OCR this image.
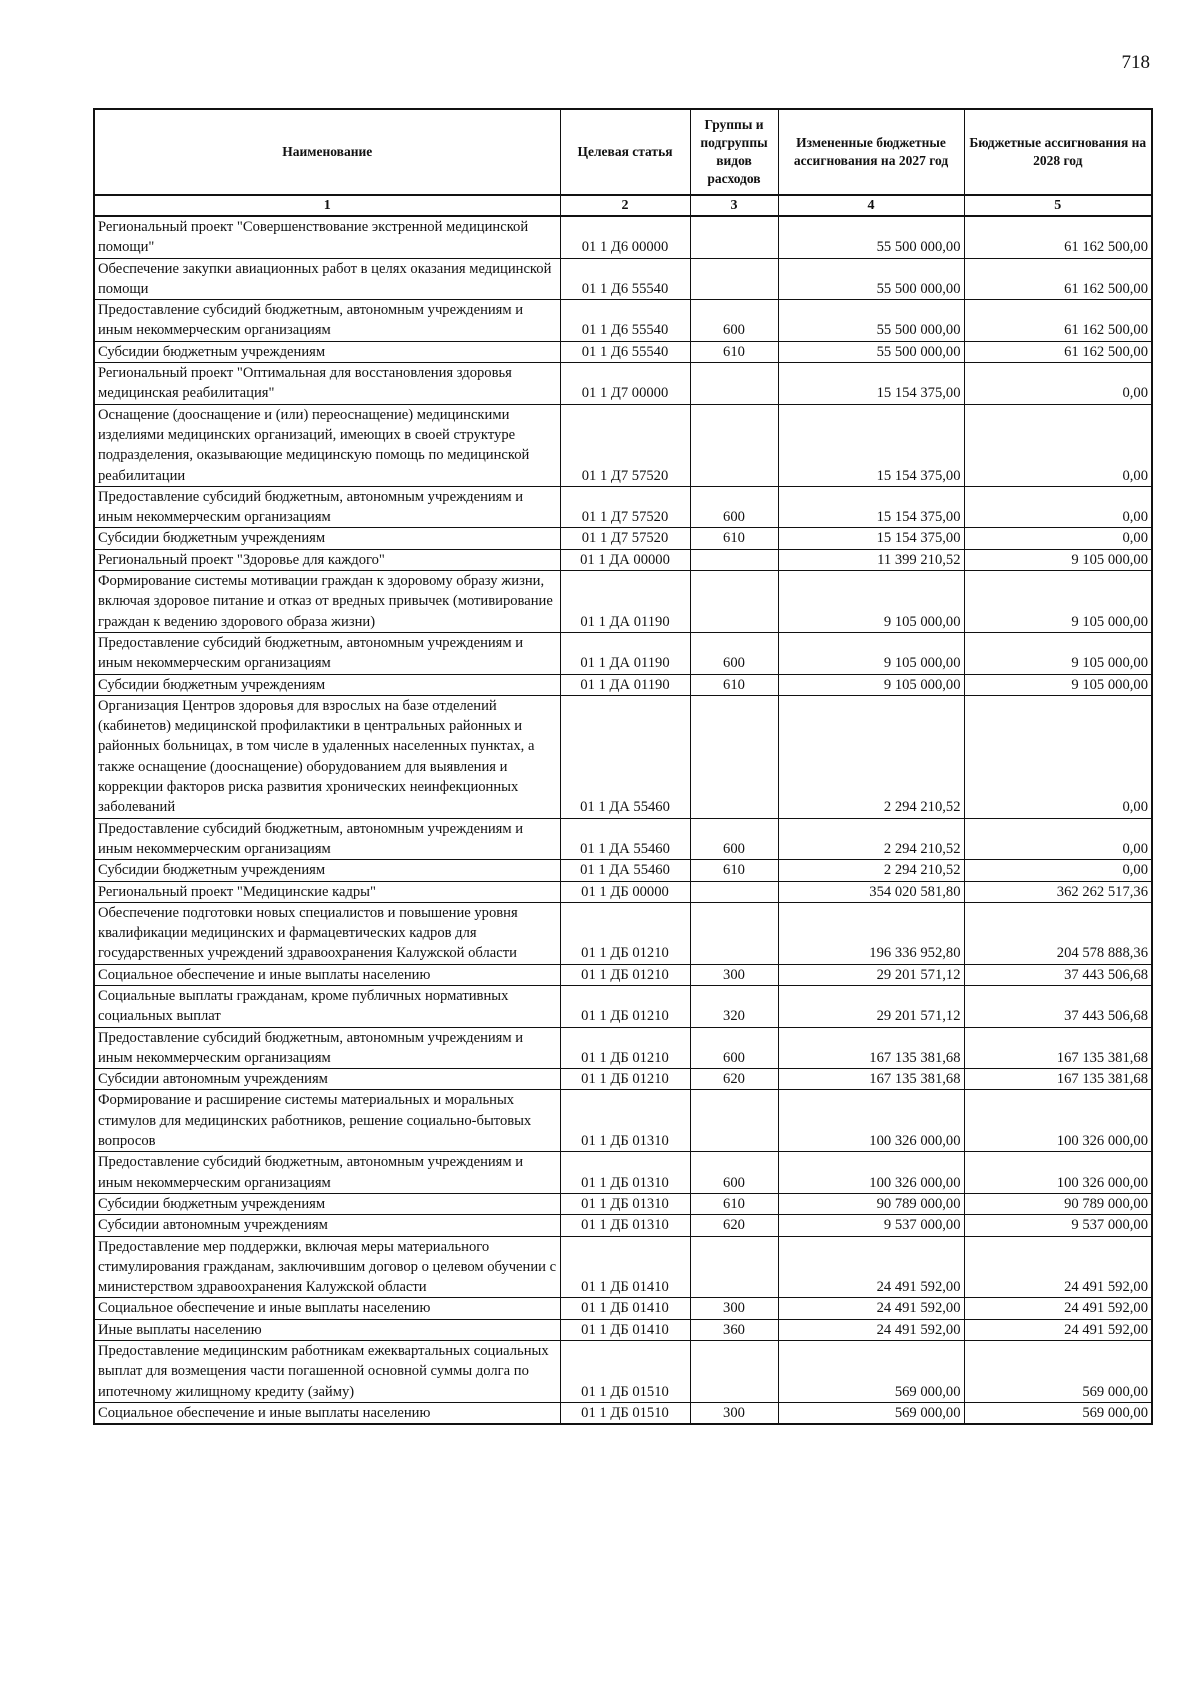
718
Наименование	Целевая статья	Группы и подгруппы видов расходов	Измененные бюджетные ассигнования на 2027 год	Бюджетные ассигнования на 2028 год
1	2	3	4	5
Региональный проект "Совершенствование экстренной медицинской помощи"	01 1 Д6 00000		55 500 000,00	61 162 500,00
Обеспечение закупки авиационных работ в целях оказания медицинской помощи	01 1 Д6 55540		55 500 000,00	61 162 500,00
Предоставление субсидий бюджетным, автономным учреждениям и иным некоммерческим организациям	01 1 Д6 55540	600	55 500 000,00	61 162 500,00
Субсидии бюджетным учреждениям	01 1 Д6 55540	610	55 500 000,00	61 162 500,00
Региональный проект "Оптимальная для восстановления здоровья медицинская реабилитация"	01 1 Д7 00000		15 154 375,00	0,00
Оснащение (дооснащение и (или) переоснащение) медицинскими изделиями медицинских организаций, имеющих в своей структуре подразделения, оказывающие медицинскую помощь по медицинской реабилитации	01 1 Д7 57520		15 154 375,00	0,00
Предоставление субсидий бюджетным, автономным учреждениям и иным некоммерческим организациям	01 1 Д7 57520	600	15 154 375,00	0,00
Субсидии бюджетным учреждениям	01 1 Д7 57520	610	15 154 375,00	0,00
Региональный проект "Здоровье для каждого"	01 1 ДА 00000		11 399 210,52	9 105 000,00
Формирование системы мотивации граждан к здоровому образу жизни, включая здоровое питание и отказ от вредных привычек (мотивирование граждан к ведению здорового образа жизни)	01 1 ДА 01190		9 105 000,00	9 105 000,00
Предоставление субсидий бюджетным, автономным учреждениям и иным некоммерческим организациям	01 1 ДА 01190	600	9 105 000,00	9 105 000,00
Субсидии бюджетным учреждениям	01 1 ДА 01190	610	9 105 000,00	9 105 000,00
Организация Центров здоровья для взрослых на базе отделений (кабинетов) медицинской профилактики в центральных районных и районных больницах, в том числе в удаленных населенных пунктах, а также оснащение (дооснащение) оборудованием для выявления и коррекции факторов риска развития хронических неинфекционных заболеваний	01 1 ДА 55460		2 294 210,52	0,00
Предоставление субсидий бюджетным, автономным учреждениям и иным некоммерческим организациям	01 1 ДА 55460	600	2 294 210,52	0,00
Субсидии бюджетным учреждениям	01 1 ДА 55460	610	2 294 210,52	0,00
Региональный проект "Медицинские кадры"	01 1 ДБ 00000		354 020 581,80	362 262 517,36
Обеспечение подготовки новых специалистов и повышение уровня квалификации медицинских и фармацевтических кадров для государственных учреждений здравоохранения Калужской области	01 1 ДБ 01210		196 336 952,80	204 578 888,36
Социальное обеспечение и иные выплаты населению	01 1 ДБ 01210	300	29 201 571,12	37 443 506,68
Социальные выплаты гражданам, кроме публичных нормативных социальных выплат	01 1 ДБ 01210	320	29 201 571,12	37 443 506,68
Предоставление субсидий бюджетным, автономным учреждениям и иным некоммерческим организациям	01 1 ДБ 01210	600	167 135 381,68	167 135 381,68
Субсидии автономным учреждениям	01 1 ДБ 01210	620	167 135 381,68	167 135 381,68
Формирование и расширение системы материальных и моральных стимулов для медицинских работников, решение социально-бытовых вопросов	01 1 ДБ 01310		100 326 000,00	100 326 000,00
Предоставление субсидий бюджетным, автономным учреждениям и иным некоммерческим организациям	01 1 ДБ 01310	600	100 326 000,00	100 326 000,00
Субсидии бюджетным учреждениям	01 1 ДБ 01310	610	90 789 000,00	90 789 000,00
Субсидии автономным учреждениям	01 1 ДБ 01310	620	9 537 000,00	9 537 000,00
Предоставление мер поддержки, включая меры материального стимулирования гражданам, заключившим договор о целевом обучении с министерством здравоохранения Калужской области	01 1 ДБ 01410		24 491 592,00	24 491 592,00
Социальное обеспечение и иные выплаты населению	01 1 ДБ 01410	300	24 491 592,00	24 491 592,00
Иные выплаты населению	01 1 ДБ 01410	360	24 491 592,00	24 491 592,00
Предоставление медицинским работникам ежеквартальных социальных выплат для возмещения части погашенной основной суммы долга по ипотечному жилищному кредиту (займу)	01 1 ДБ 01510		569 000,00	569 000,00
Социальное обеспечение и иные выплаты населению	01 1 ДБ 01510	300	569 000,00	569 000,00
